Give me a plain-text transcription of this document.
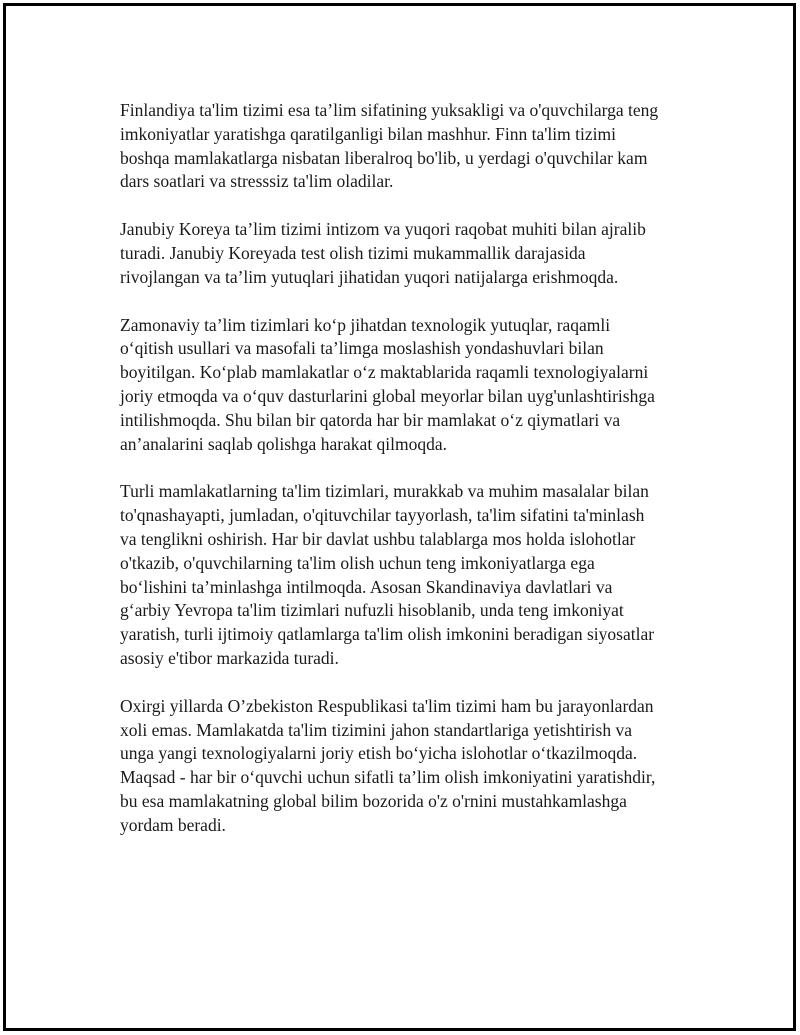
Finlandiya ta'lim tizimi esa ta’lim sifatining yuksakligi va o'quvchilarga teng
imkoniyatlar yaratishga qaratilganligi bilan mashhur. Finn ta'lim tizimi
boshqa mamlakatlarga nisbatan liberalroq bo'lib, u yerdagi o'quvchilar kam
dars soatlari va stresssiz ta'lim oladilar.

Janubiy Koreya ta’lim tizimi intizom va yuqori raqobat muhiti bilan ajralib
turadi. Janubiy Koreyada test olish tizimi mukammallik darajasida
rivojlangan va ta’lim yutuqlari jihatidan yuqori natijalarga erishmoqda.

Zamonaviy ta’lim tizimlari ko‘p jihatdan texnologik yutuqlar, raqamli
o‘qitish usullari va masofali ta’limga moslashish yondashuvlari bilan
boyitilgan. Ko‘plab mamlakatlar o‘z maktablarida raqamli texnologiyalarni
joriy etmoqda va o‘quv dasturlarini global meyorlar bilan uyg'unlashtirishga
intilishmoqda. Shu bilan bir qatorda har bir mamlakat o‘z qiymatlari va
an’analarini saqlab qolishga harakat qilmoqda.

Turli mamlakatlarning ta'lim tizimlari, murakkab va muhim masalalar bilan
to'qnashayapti, jumladan, o'qituvchilar tayyorlash, ta'lim sifatini ta'minlash
va tenglikni oshirish. Har bir davlat ushbu talablarga mos holda islohotlar
o'tkazib, o'quvchilarning ta'lim olish uchun teng imkoniyatlarga ega
bo‘lishini ta’minlashga intilmoqda. Asosan Skandinaviya davlatlari va
g‘arbiy Yevropa ta'lim tizimlari nufuzli hisoblanib, unda teng imkoniyat
yaratish, turli ijtimoiy qatlamlarga ta'lim olish imkonini beradigan siyosatlar
asosiy e'tibor markazida turadi.

Oxirgi yillarda O’zbekiston Respublikasi ta'lim tizimi ham bu jarayonlardan
xoli emas. Mamlakatda ta'lim tizimini jahon standartlariga yetishtirish va
unga yangi texnologiyalarni joriy etish bo‘yicha islohotlar o‘tkazilmoqda.
Maqsad - har bir o‘quvchi uchun sifatli ta’lim olish imkoniyatini yaratishdir,
bu esa mamlakatning global bilim bozorida o'z o'rnini mustahkamlashga
yordam beradi.
